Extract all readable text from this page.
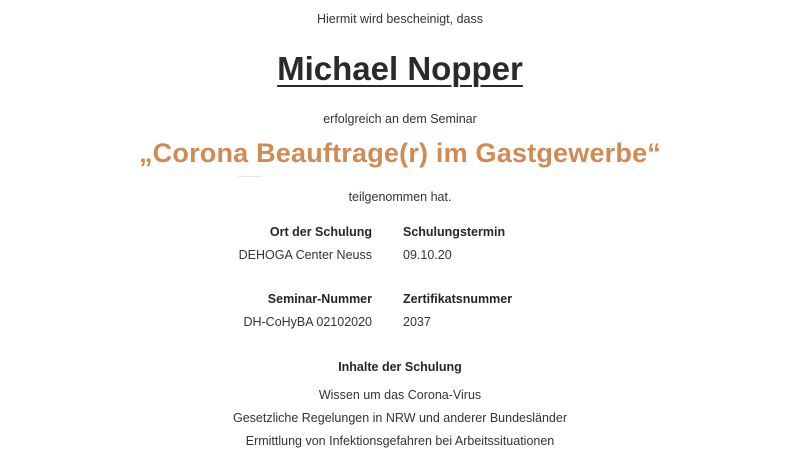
Hiermit wird bescheinigt, dass
Michael Nopper
erfolgreich an dem Seminar
„Corona Beauftrage(r) im Gastgewerbe“
teilgenommen hat.
Ort der Schulung Schulungstermin
DEHOGA Center Neuss 09.10.20
Seminar-Nummer Zertifikatsnummer
DH-CoHyBA 02102020 2037
Inhalte der Schulung
Wissen um das Corona-Virus
Gesetzliche Regelungen in NRW und anderer Bundesländer
Ermittlung von Infektionsgefahren bei Arbeitssituationen
